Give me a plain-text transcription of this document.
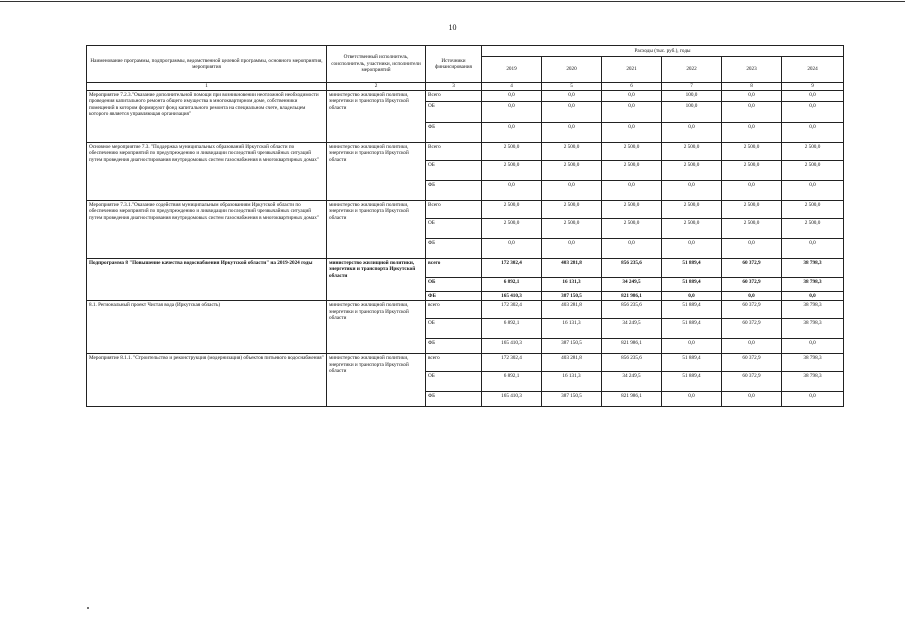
10
Наименование программы, подпрограммы, ведомственной целевой программы, основного мероприятия, мероприятия	Ответственный исполнитель, соисполнитель, участники, исполнители мероприятий	Источники финансирования	Расходы (тыс. руб.), годы					
			2019	2020	2021	2022	2023	2024
1	2	3	4	5	6	7	8	9
Мероприятие 7.2.3."Оказание дополнительной помощи при возникновении неотложной необходимости проведения капитального ремонта общего имущества в многоквартирном доме, собственники помещений в котором формируют фонд капитального ремонта на специальном счете, владельцем которого является управляющая организация"	министерство жилищной политики, энергетики и транспорта Иркутской области	Всего	0,0	0,0	0,0	100,0	0,0	0,0
		ОБ	0,0	0,0	0,0	100,0	0,0	0,0
		ФБ	0,0	0,0	0,0	0,0	0,0	0,0
Основное мероприятие 7.3. "Поддержка муниципальных образований Иркутской области по обеспечению мероприятий по предупреждению и ликвидации последствий чрезвычайных ситуаций путем проведения диагностирования внутридомовых систем газоснабжения в многоквартирных домах"	министерство жилищной политики, энергетики и транспорта Иркутской области	Всего	2 500,0	2 500,0	2 500,0	2 500,0	2 500,0	2 500,0
		ОБ	2 500,0	2 500,0	2 500,0	2 500,0	2 500,0	2 500,0
		ФБ	0,0	0,0	0,0	0,0	0,0	0,0
Мероприятие 7.3.1."Оказание содействия муниципальным образованиям Иркутской области по обеспечению мероприятий по предупреждению и ликвидации последствий чрезвычайных ситуаций путем проведения диагностирования внутридомовых систем газоснабжения в многоквартирных домах"	министерство жилищной политики, энергетики и транспорта Иркутской области	Всего	2 500,0	2 500,0	2 500,0	2 500,0	2 500,0	2 500,0
		ОБ	2 500,0	2 500,0	2 500,0	2 500,0	2 500,0	2 500,0
		ФБ	0,0	0,0	0,0	0,0	0,0	0,0
Подпрограмма 8 "Повышение качества водоснабжения Иркутской области" на 2019-2024 годы	министерство жилищной политики, энергетики и транспорта Иркутской области	всего	172 302,4	403 281,8	856 235,6	51 889,4	60 372,9	38 798,3
		ОБ	6 892,1	16 131,3	34 249,5	51 889,4	60 372,9	38 798,3
		ФБ	165 410,3	387 150,5	821 986,1	0,0	0,0	0,0
8.1. Региональный проект Чистая вода (Иркутская область)	министерство жилищной политики, энергетики и транспорта Иркутской области	всего	172 302,4	403 281,8	856 235,6	51 889,4	60 372,9	38 798,3
		ОБ	6 892,1	16 131,3	34 249,5	51 889,4	60 372,9	38 798,3
		ФБ	165 410,3	387 150,5	821 986,1	0,0	0,0	0,0
Мероприятие 8.1.1. "Строительство и реконструкция (модернизация) объектов питьевого водоснабжения"	министерство жилищной политики, энергетики и транспорта Иркутской области	всего	172 302,4	403 281,8	856 235,6	51 889,4	60 372,9	38 798,3
		ОБ	6 892,1	16 131,3	34 249,5	51 889,4	60 372,9	38 798,3
		ФБ	165 410,3	387 150,5	821 986,1	0,0	0,0	0,0
